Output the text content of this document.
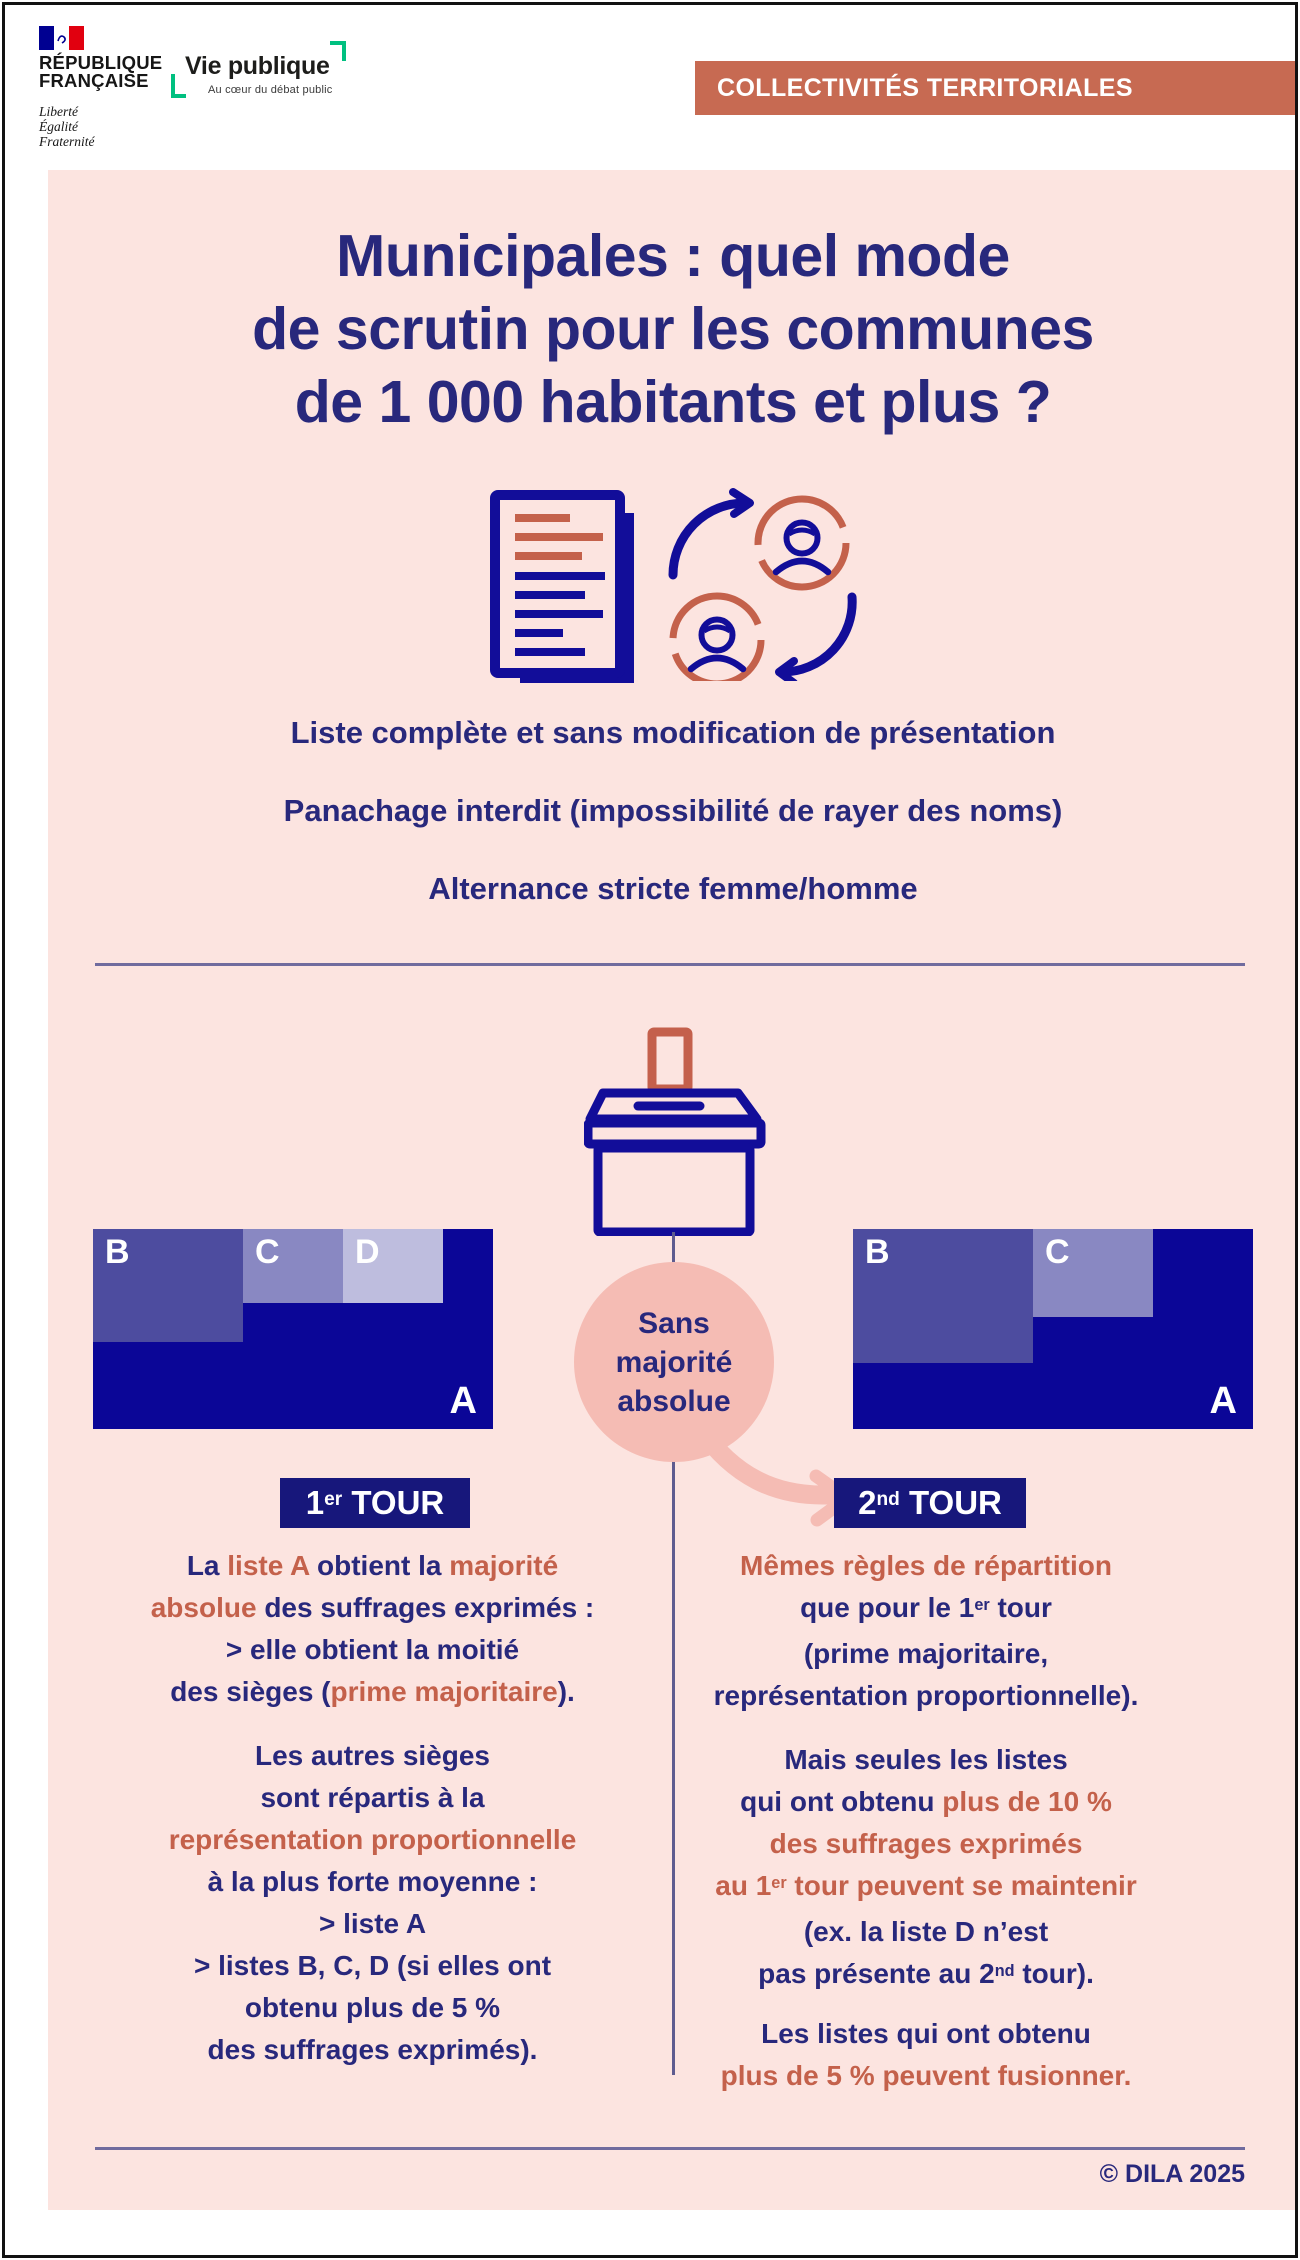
RÉPUBLIQUE
FRANÇAISE
Liberté
Égalité
Fraternité
Vie publique
Au cœur du débat public	COLLECTIVITÉS TERRITORIALES
Municipales : quel mode
de scrutin pour les communes
de 1 000 habitants et plus ?
Liste complète et sans modification de présentation
Panachage interdit (impossibilité de rayer des noms)
Alternance stricte femme/homme
B	C D
A
B	C
A
Sans
majorité
absolue
1er TOUR	2nd TOUR
La liste A obtient la majorité
absolue des suffrages exprimés :
> elle obtient la moitié
des sièges (prime majoritaire).
Les autres sièges
sont répartis à la
représentation proportionnelle
à la plus forte moyenne :
> liste A
> listes B, C, D (si elles ont
obtenu plus de 5 %
des suffrages exprimés).
Mêmes règles de répartition
que pour le 1er tour
(prime majoritaire,
représentation proportionnelle).
Mais seules les listes
qui ont obtenu plus de 10 %
des suffrages exprimés
au 1er tour peuvent se maintenir
(ex. la liste D n’est
pas présente au 2nd tour).
Les listes qui ont obtenu
plus de 5 % peuvent fusionner.
© DILA 2025
